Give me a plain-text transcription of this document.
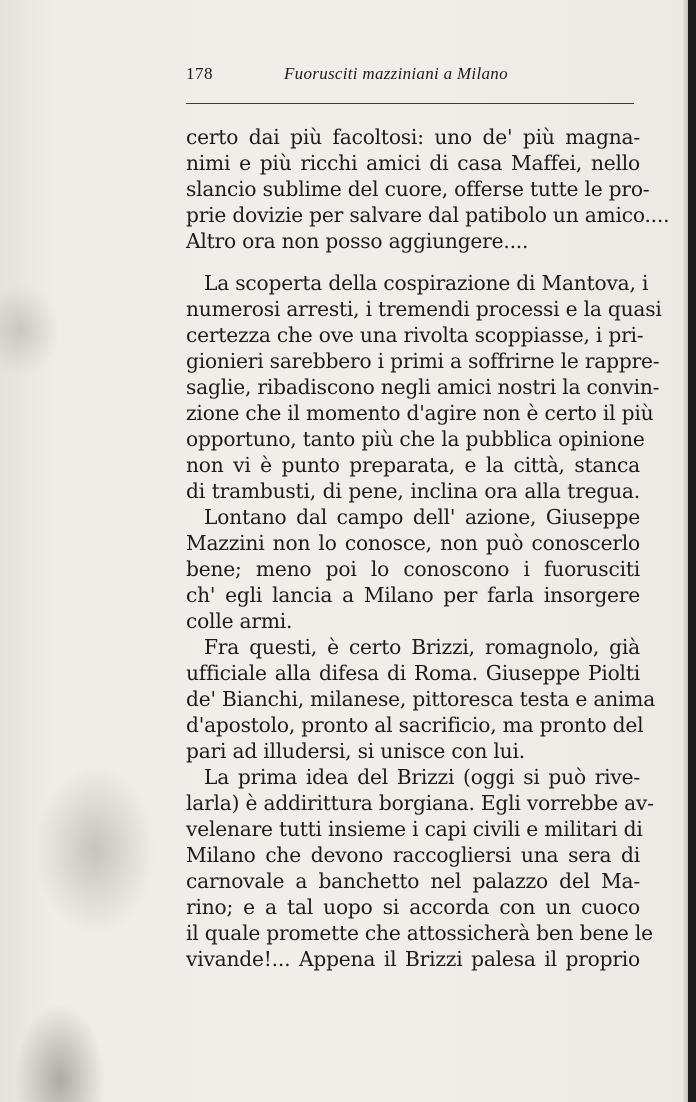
178	Fuorusciti mazziniani a Milano
certo dai più facoltosi: uno de' più magna-
nimi e più ricchi amici di casa Maffei, nello
slancio sublime del cuore, offerse tutte le pro-
prie dovizie per salvare dal patibolo un amico....
Altro ora non posso aggiungere....
La scoperta della cospirazione di Mantova, i
numerosi arresti, i tremendi processi e la quasi
certezza che ove una rivolta scoppiasse, i pri-
gionieri sarebbero i primi a soffrirne le rappre-
saglie, ribadiscono negli amici nostri la convin-
zione che il momento d'agire non è certo il più
opportuno, tanto più che la pubblica opinione
non vi è punto preparata, e la città, stanca
di trambusti, di pene, inclina ora alla tregua.
Lontano dal campo dell' azione, Giuseppe
Mazzini non lo conosce, non può conoscerlo
bene; meno poi lo conoscono i fuorusciti
ch' egli lancia a Milano per farla insorgere
colle armi.
Fra questi, è certo Brizzi, romagnolo, già
ufficiale alla difesa di Roma. Giuseppe Piolti
de' Bianchi, milanese, pittoresca testa e anima
d'apostolo, pronto al sacrificio, ma pronto del
pari ad illudersi, si unisce con lui.
La prima idea del Brizzi (oggi si può rive-
larla) è addirittura borgiana. Egli vorrebbe av-
velenare tutti insieme i capi civili e militari di
Milano che devono raccogliersi una sera di
carnovale a banchetto nel palazzo del Ma-
rino; e a tal uopo si accorda con un cuoco
il quale promette che attossicherà ben bene le
vivande!... Appena il Brizzi palesa il proprio
